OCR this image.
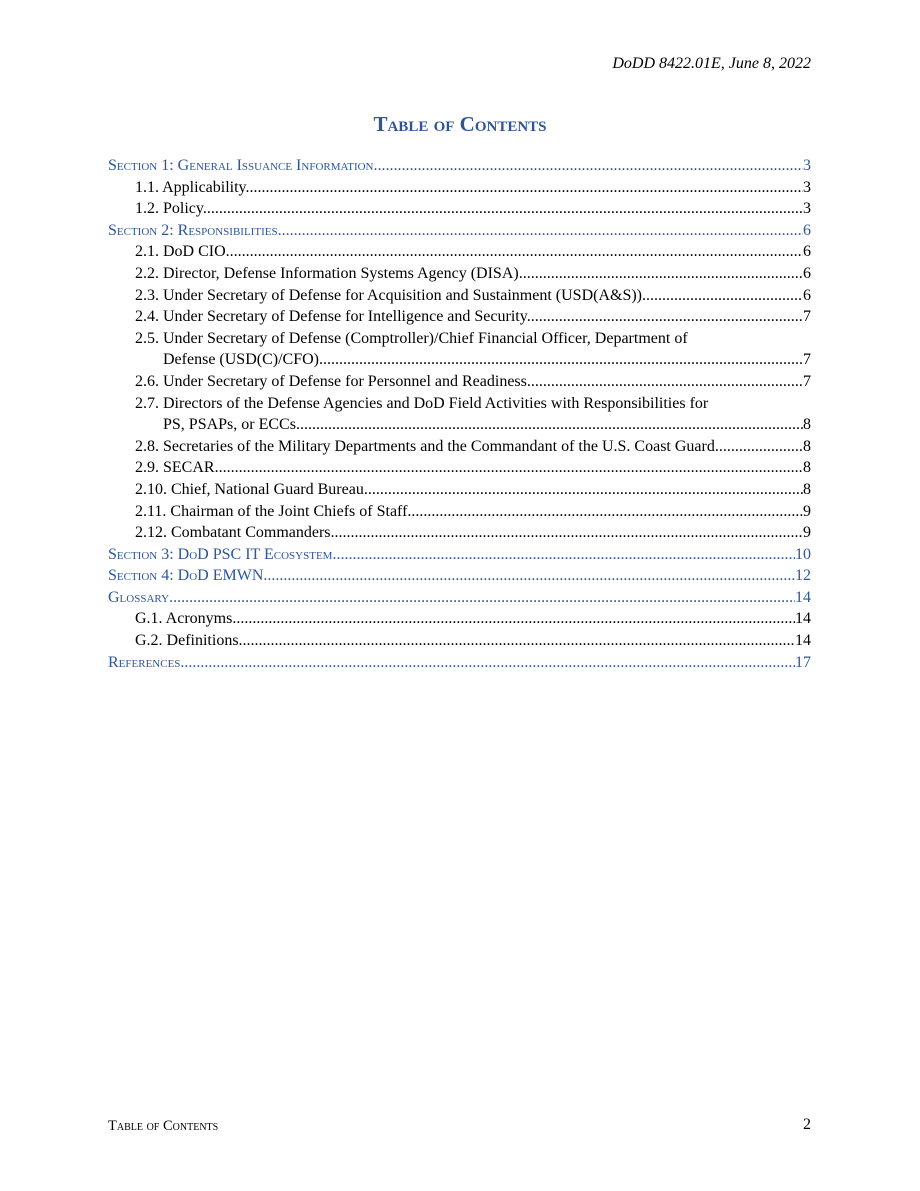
DoDD 8422.01E, June 8, 2022
Table of Contents
Section 1: General Issuance Information .....	3
1.1. Applicability. .....	3
1.2. Policy. .....	3
Section 2: Responsibilities .....	6
2.1. DoD CIO. .....	6
2.2. Director, Defense Information Systems Agency (DISA). .....	6
2.3. Under Secretary of Defense for Acquisition and Sustainment (USD(A&S)) .....	6
2.4. Under Secretary of Defense for Intelligence and Security. .....	7
2.5. Under Secretary of Defense (Comptroller)/Chief Financial Officer, Department of
Defense (USD(C)/CFO) .....	7
2.6. Under Secretary of Defense for Personnel and Readiness .....	7
2.7. Directors of the Defense Agencies and DoD Field Activities with Responsibilities for
PS, PSAPs, or ECCs. .....	8
2.8. Secretaries of the Military Departments and the Commandant of the U.S. Coast Guard. .....	8
2.9. SECAR .....	8
2.10. Chief, National Guard Bureau. .....	8
2.11. Chairman of the Joint Chiefs of Staff. .....	9
2.12. Combatant Commanders .....	9
Section 3: DoD PSC IT Ecosystem .....	10
Section 4: DoD EMWN .....	12
Glossary .....	14
G.1. Acronyms. .....	14
G.2. Definitions. .....	14
References .....	17
Table of Contents	2
